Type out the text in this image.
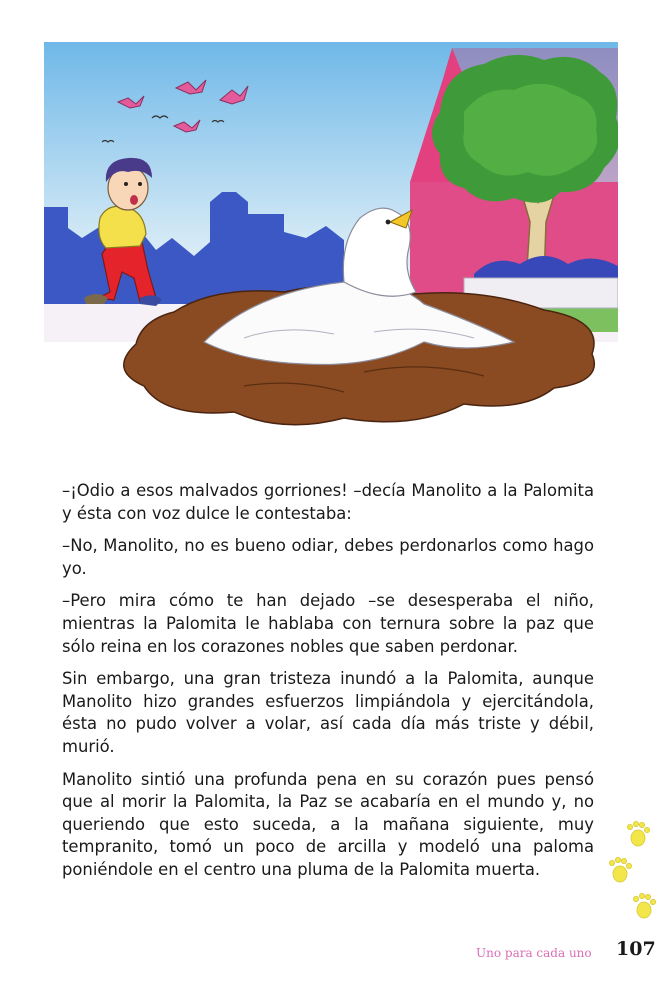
–¡Odio a esos malvados gorriones! –decía Manolito a la Palomita y ésta con voz dulce le contestaba:

–No, Manolito, no es bueno odiar, debes perdonarlos como hago yo.

–Pero mira cómo te han dejado –se desesperaba el niño, mientras la Palomita le hablaba con ternura sobre la paz que sólo reina en los corazones nobles que saben perdonar.

Sin embargo, una gran tristeza inundó a la Palomita, aunque Manolito hizo grandes esfuerzos limpiándola y ejercitándola, ésta no pudo volver a volar, así cada día más triste y débil, murió.

Manolito sintió una profunda pena en su corazón pues pensó que al morir la Palomita, la Paz se acabaría en el mundo y, no queriendo que esto suceda, a la mañana siguiente, muy tempranito, tomó un poco de arcilla y modeló una paloma poniéndole en el centro una pluma de la Palomita muerta.

Uno para cada uno 107
